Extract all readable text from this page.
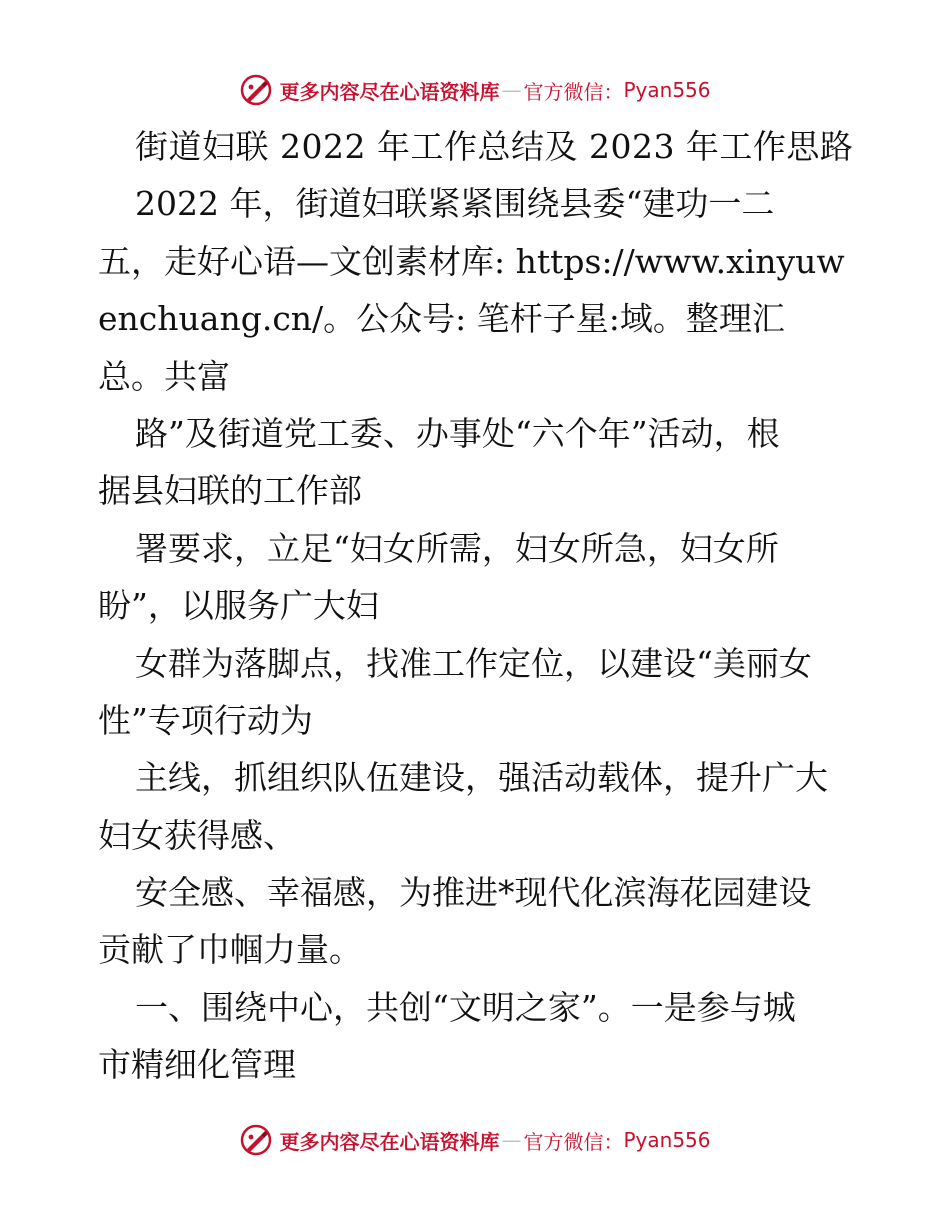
更多内容尽在心语资料库 — 官方微信： Pyan556
街道妇联 2022 年工作总结及 2023 年工作思路
2022 年，街道妇联紧紧围绕县委“建功一二
五，走好心语—文创素材库: https://www.xinyuw
enchuang.cn/。公众号: 笔杆子星:域。整理汇
总。共富
路”及街道党工委、办事处“六个年”活动，根
据县妇联的工作部
署要求，立足“妇女所需，妇女所急，妇女所
盼”，以服务广大妇
女群为落脚点，找准工作定位，以建设“美丽女
性”专项行动为
主线，抓组织队伍建设，强活动载体，提升广大
妇女获得感、
安全感、幸福感，为推进*现代化滨海花园建设
贡献了巾帼力量。
一、围绕中心，共创“文明之家”。一是参与城
市精细化管理
更多内容尽在心语资料库 — 官方微信： Pyan556
